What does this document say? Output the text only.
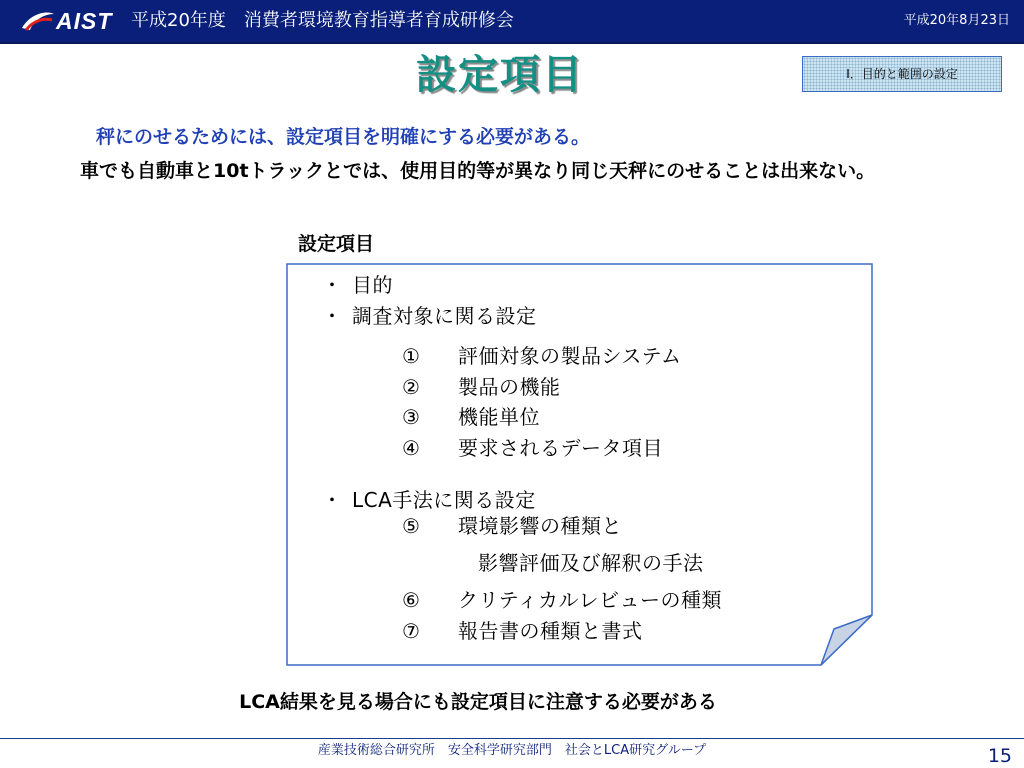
AIST 平成20年度　消費者環境教育指導者育成研修会	平成20年8月23日
設定項目	Ⅰ．目的と範囲の設定
秤にのせるためには、設定項目を明確にする必要がある。
車でも自動車と10tトラックとでは、使用目的等が異なり同じ天秤にのせることは出来ない。
設定項目
・ 目的
・ 調査対象に関る設定
① 評価対象の製品システム
② 製品の機能
③ 機能単位
④ 要求されるデータ項目
・ LCA手法に関る設定
⑤ 環境影響の種類と
影響評価及び解釈の手法
⑥ クリティカルレビューの種類
⑦ 報告書の種類と書式
LCA結果を見る場合にも設定項目に注意する必要がある
産業技術総合研究所　安全科学研究部門　社会とLCA研究グループ	15
